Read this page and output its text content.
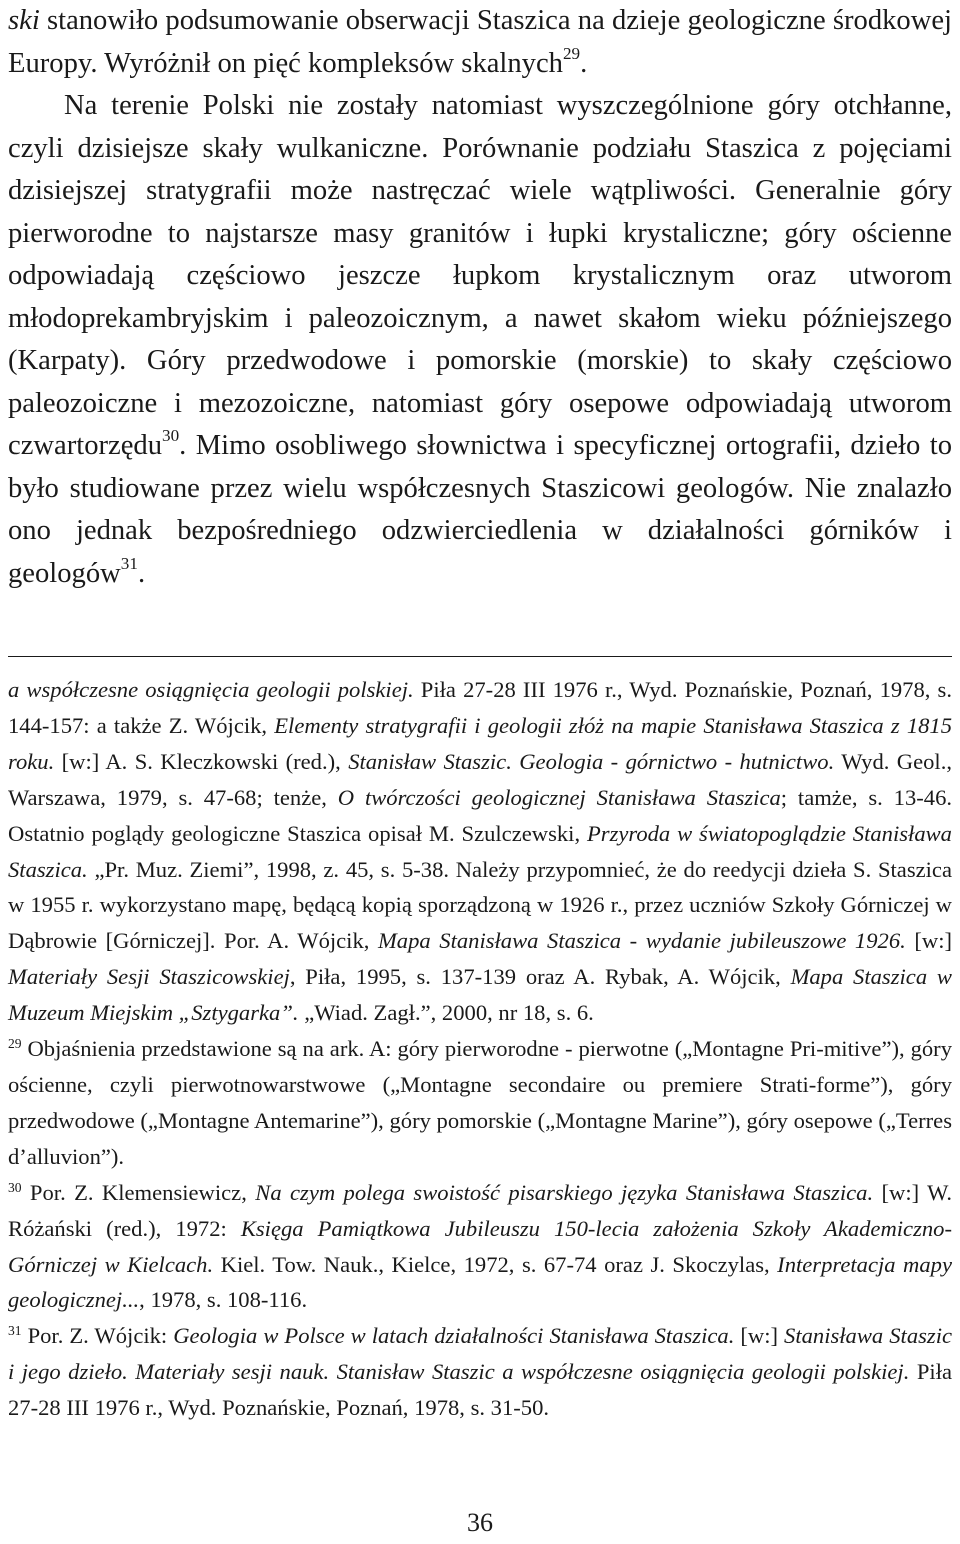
ski stanowiło podsumowanie obserwacji Staszica na dzieje geologiczne środkowej Europy. Wyróżnił on pięć kompleksów skalnych$^{29}$.

Na terenie Polski nie zostały natomiast wyszczególnione góry otchłanne, czyli dzisiejsze skały wulkaniczne. Porównanie podziału Staszica z pojęciami dzisiejszej stratygrafii może nastręczać wiele wątpliwości. Generalnie góry pierworodne to najstarsze masy granitów i łupki krystaliczne; góry ościenne odpowiadają częściowo jeszcze łupkom krystalicznym oraz utworom młodoprekambryjskim i paleozoicznym, a nawet skałom wieku późniejszego (Karpaty). Góry przedwodowe i pomorskie (morskie) to skały częściowo paleozoiczne i mezozoiczne, natomiast góry osepowe odpowiadają utworom czwartorzędu$^{30}$. Mimo osobliwego słownictwa i specyficznej ortografii, dzieło to było studiowane przez wielu współczesnych Staszicowi geologów. Nie znalazło ono jednak bezpośredniego odzwierciedlenia w działalności górników i geologów$^{31}$.

a współczesne osiągnięcia geologii polskiej. Piła 27-28 III 1976 r., Wyd. Poznańskie, Poznań, 1978, s. 144-157: a także Z. Wójcik, Elementy stratygrafii i geologii złóż na mapie Stanisława Staszica z 1815 roku. [w:] A. S. Kleczkowski (red.), Stanisław Staszic. Geologia - górnictwo - hutnictwo. Wyd. Geol., Warszawa, 1979, s. 47-68; tenże, O twórczości geologicznej Stanisława Staszica; tamże, s. 13-46. Ostatnio poglądy geologiczne Staszica opisał M. Szulczewski, Przyroda w światopoglądzie Stanisława Staszica. „Pr. Muz. Ziemi”, 1998, z. 45, s. 5-38. Należy przypomnieć, że do reedycji dzieła S. Staszica w 1955 r. wykorzystano mapę, będącą kopią sporządzoną w 1926 r., przez uczniów Szkoły Górniczej w Dąbrowie [Górniczej]. Por. A. Wójcik, Mapa Stanisława Staszica - wydanie jubileuszowe 1926. [w:] Materiały Sesji Staszicowskiej, Piła, 1995, s. 137-139 oraz A. Rybak, A. Wójcik, Mapa Staszica w Muzeum Miejskim „Sztygarka”. „Wiad. Zagł.”, 2000, nr 18, s. 6.

$^{29}$ Objaśnienia przedstawione są na ark. A: góry pierworodne - pierwotne („Montagne Pri-mitive”), góry ościenne, czyli pierwotnowarstwowe („Montagne secondaire ou premiere Strati-forme”), góry przedwodowe („Montagne Antemarine”), góry pomorskie („Montagne Marine”), góry osepowe („Terres d’alluvion”).

$^{30}$ Por. Z. Klemensiewicz, Na czym polega swoistość pisarskiego języka Stanisława Staszica. [w:] W. Różański (red.), 1972: Księga Pamiątkowa Jubileuszu 150-lecia założenia Szkoły Akademiczno-Górniczej w Kielcach. Kiel. Tow. Nauk., Kielce, 1972, s. 67-74 oraz J. Skoczylas, Interpretacja mapy geologicznej..., 1978, s. 108-116.

$^{31}$ Por. Z. Wójcik: Geologia w Polsce w latach działalności Stanisława Staszica. [w:] Stanisława Staszic i jego dzieło. Materiały sesji nauk. Stanisław Staszic a współczesne osiągnięcia geologii polskiej. Piła 27-28 III 1976 r., Wyd. Poznańskie, Poznań, 1978, s. 31-50.

36
